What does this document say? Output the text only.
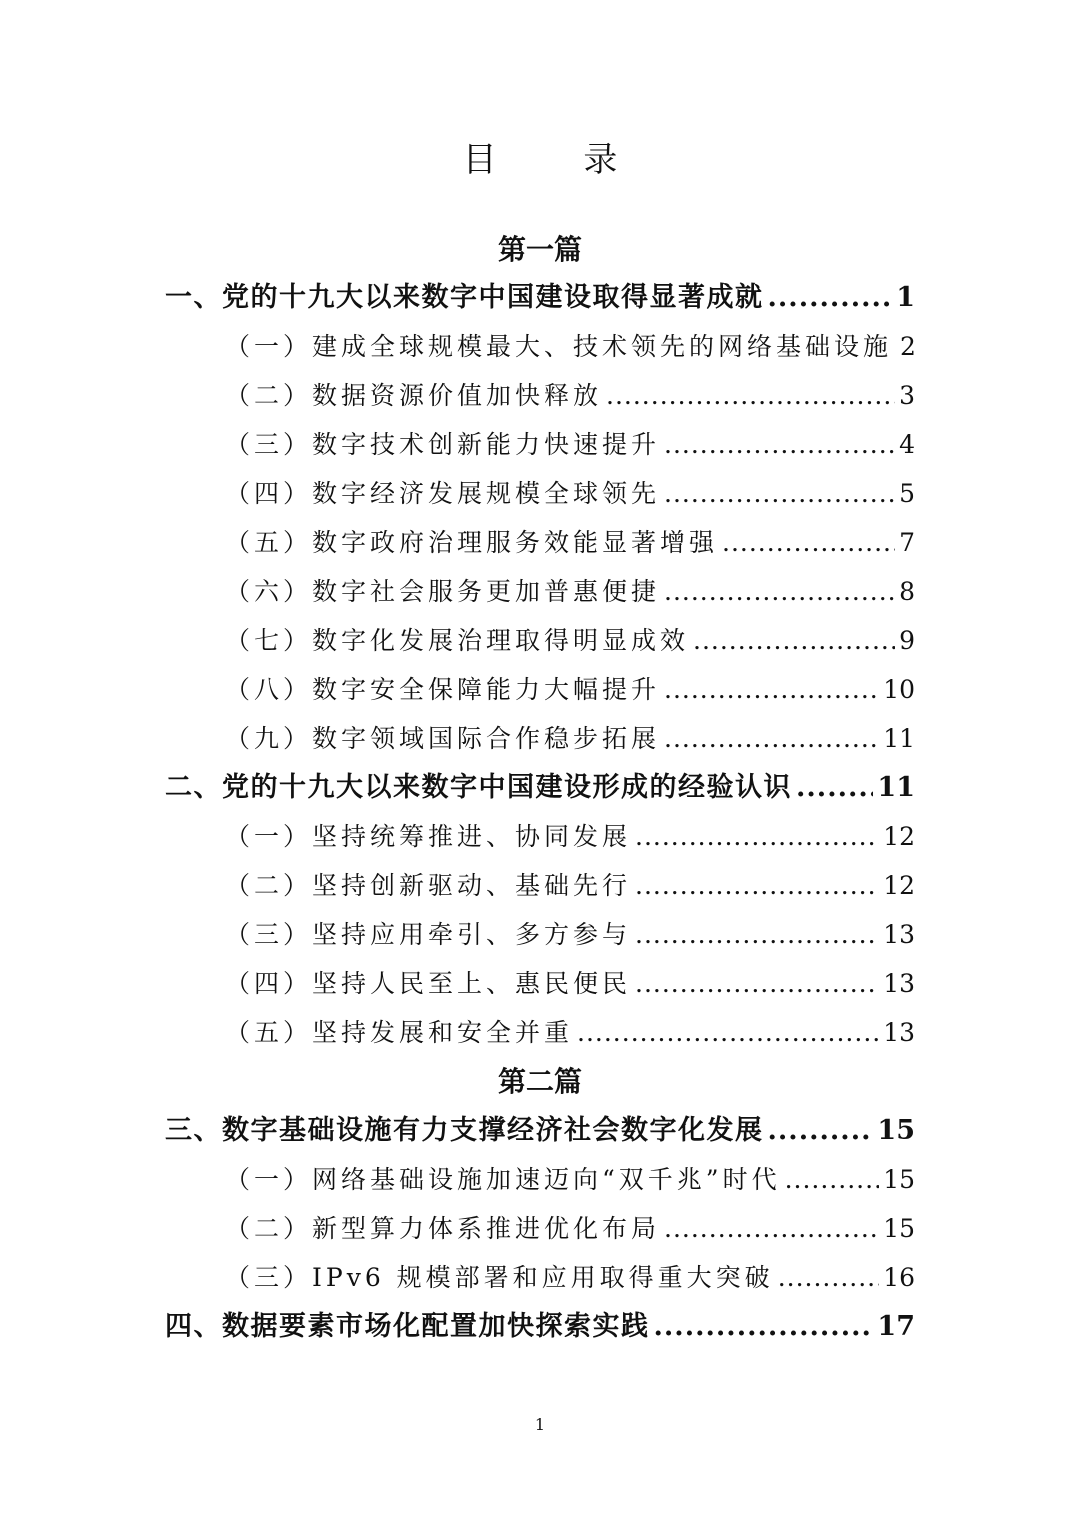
目 录
第一篇
一、党的十九大以来数字中国建设取得显著成就 .....	1
（一）建成全球规模最大、技术领先的网络基础设施 2
（二）数据资源价值加快释放 .....	3
（三）数字技术创新能力快速提升 .....	4
（四）数字经济发展规模全球领先 .....	5
（五）数字政府治理服务效能显著增强 .....	7
（六）数字社会服务更加普惠便捷 .....	8
（七）数字化发展治理取得明显成效 .....	9
（八）数字安全保障能力大幅提升 .....	10
（九）数字领域国际合作稳步拓展 .....	11
二、党的十九大以来数字中国建设形成的经验认识 .....	11
（一）坚持统筹推进、协同发展 .....	12
（二）坚持创新驱动、基础先行 .....	12
（三）坚持应用牵引、多方参与 .....	13
（四）坚持人民至上、惠民便民 .....	13
（五）坚持发展和安全并重 .....	13
第二篇
三、数字基础设施有力支撑经济社会数字化发展 .....	15
（一）网络基础设施加速迈向“双千兆”时代 .....	15
（二）新型算力体系推进优化布局 .....	15
（三）IPv6 规模部署和应用取得重大突破 .....	16
四、数据要素市场化配置加快探索实践 .....	17
1
